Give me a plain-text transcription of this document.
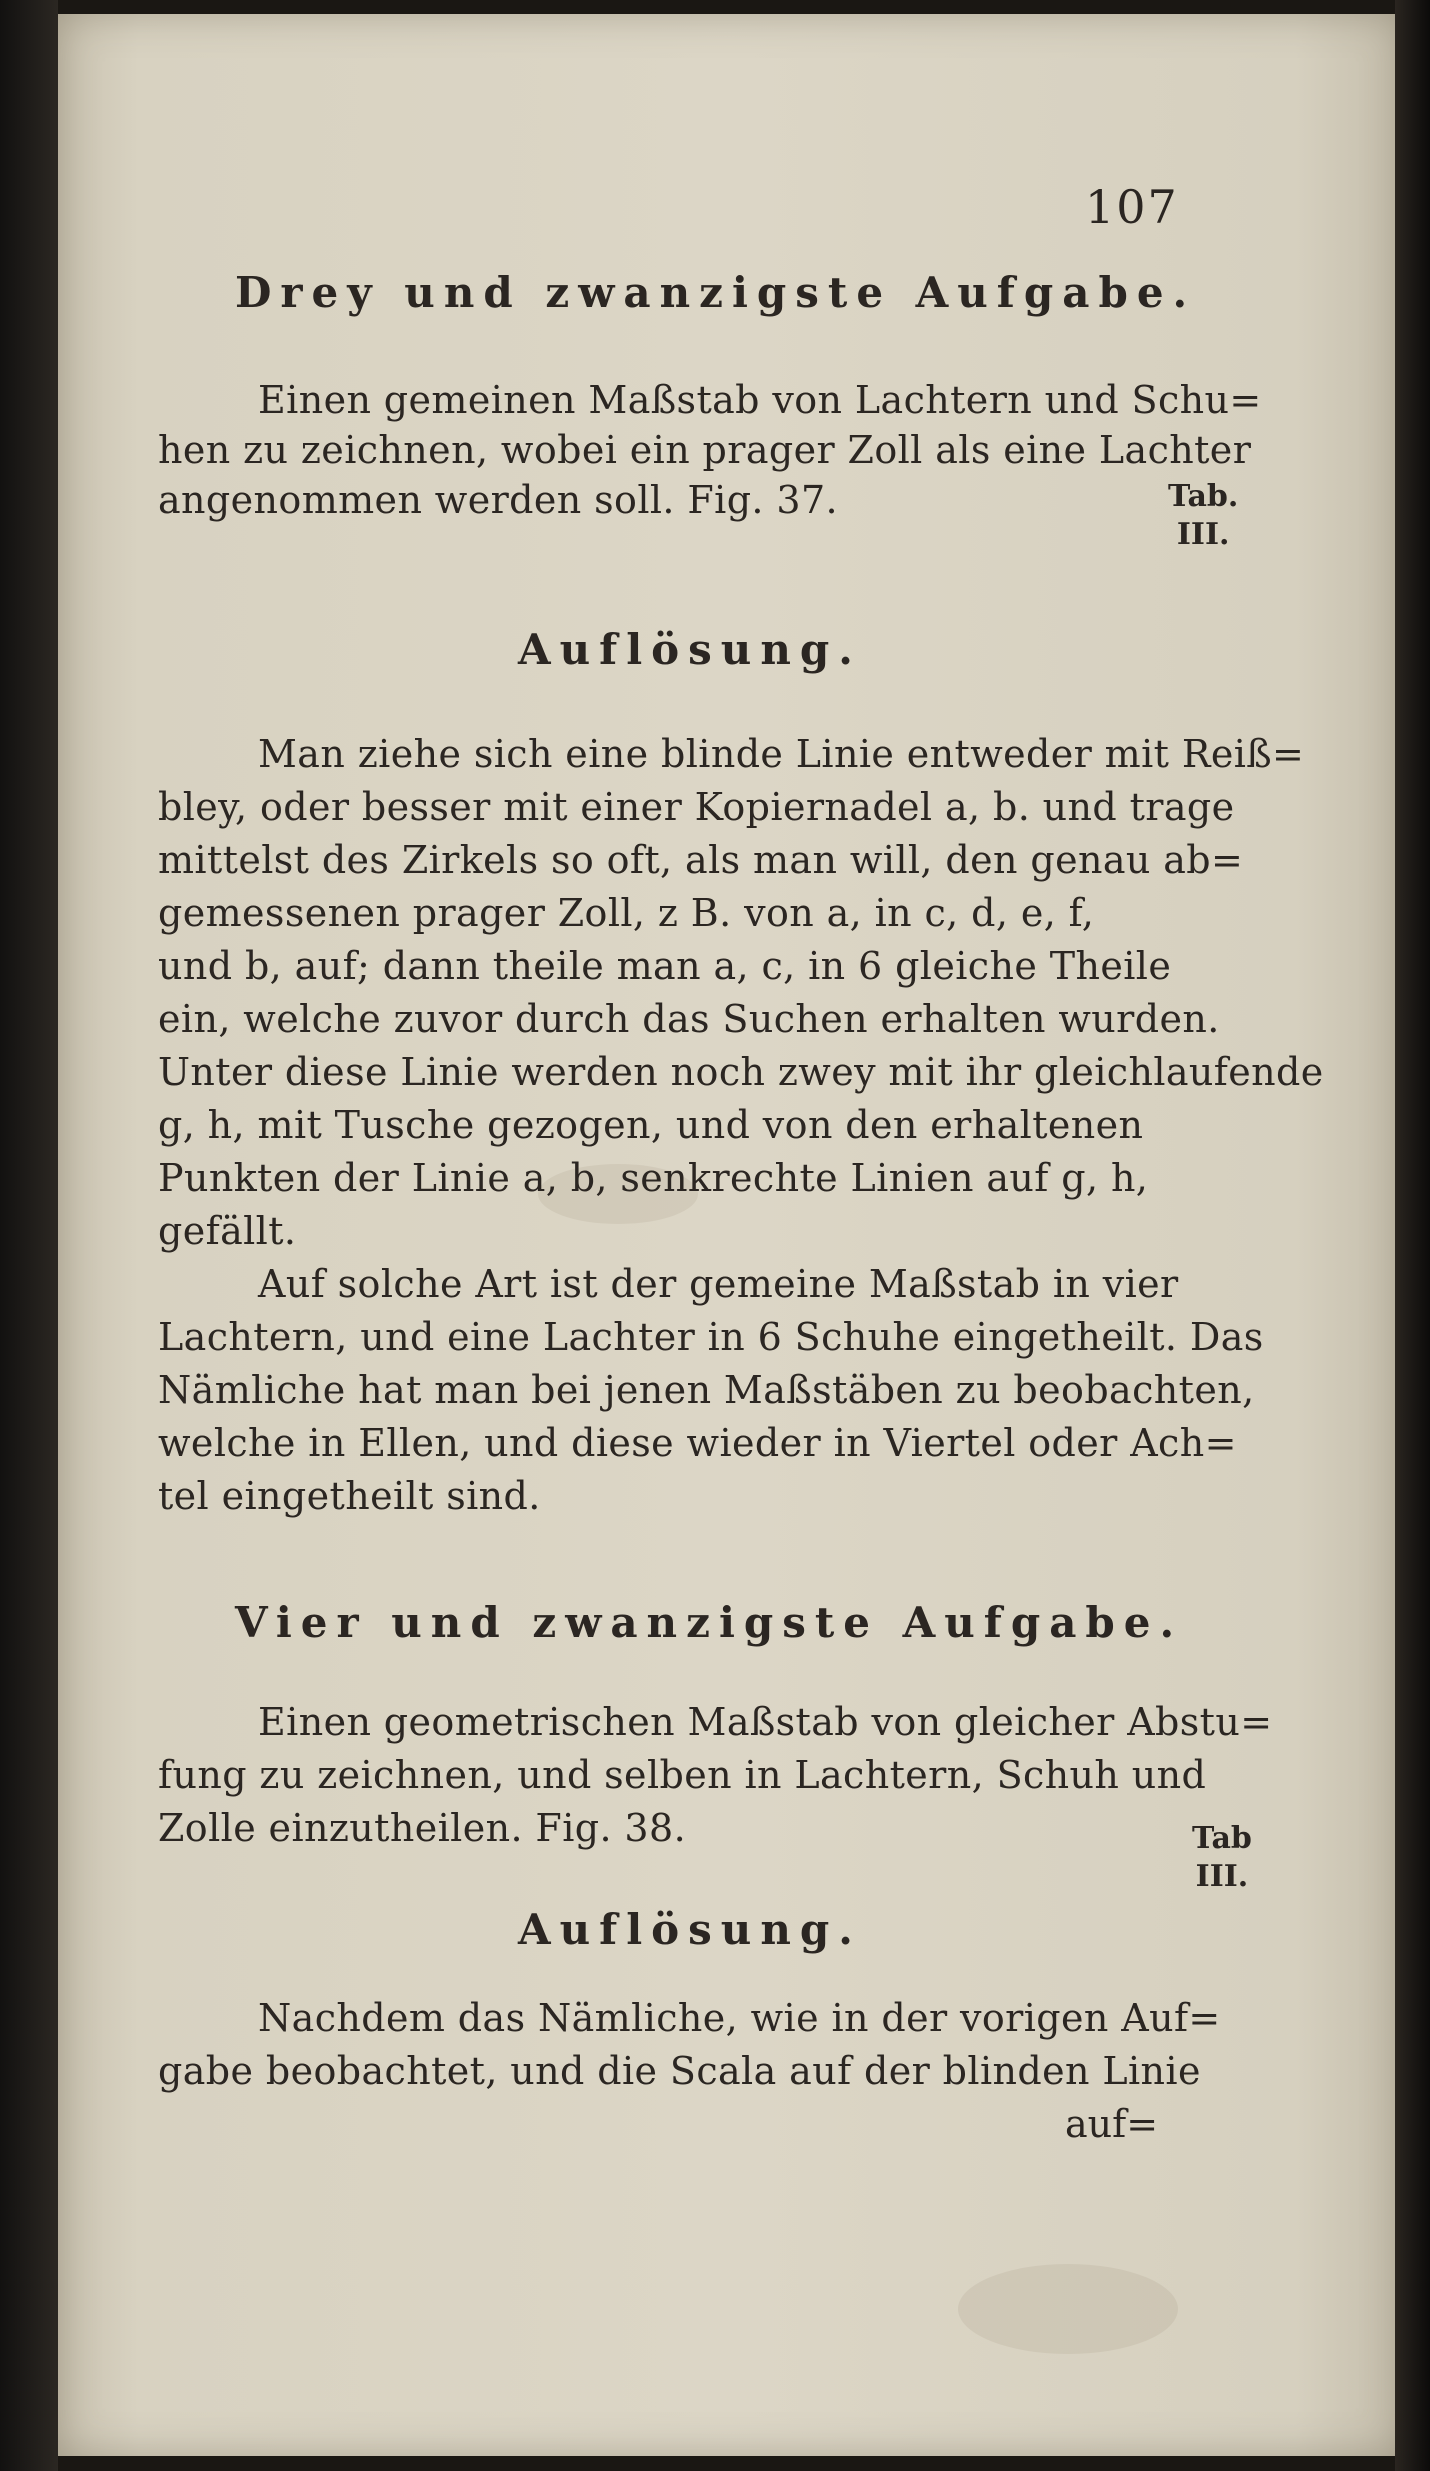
107
Drey und zwanzigste Aufgabe.
Einen gemeinen Maßstab von Lachtern und Schu=
hen zu zeichnen, wobei ein prager Zoll als eine Lachter
angenommen werden soll. Fig. 37.	Tab.
III.
Auflösung.
Man ziehe sich eine blinde Linie entweder mit Reiß=
bley, oder besser mit einer Kopiernadel a, b. und trage
mittelst des Zirkels so oft, als man will, den genau ab=
gemessenen prager Zoll, z B. von a, in c, d, e, f,
und b, auf; dann theile man a, c, in 6 gleiche Theile
ein, welche zuvor durch das Suchen erhalten wurden.
Unter diese Linie werden noch zwey mit ihr gleichlaufende
g, h, mit Tusche gezogen, und von den erhaltenen
Punkten der Linie a, b, senkrechte Linien auf g, h,
gefällt.
Auf solche Art ist der gemeine Maßstab in vier
Lachtern, und eine Lachter in 6 Schuhe eingetheilt. Das
Nämliche hat man bei jenen Maßstäben zu beobachten,
welche in Ellen, und diese wieder in Viertel oder Ach=
tel eingetheilt sind.
Vier und zwanzigste Aufgabe.
Einen geometrischen Maßstab von gleicher Abstu=
fung zu zeichnen, und selben in Lachtern, Schuh und
Zolle einzutheilen. Fig. 38.	Tab
III.
Auflösung.
Nachdem das Nämliche, wie in der vorigen Auf=
gabe beobachtet, und die Scala auf der blinden Linie
auf=
